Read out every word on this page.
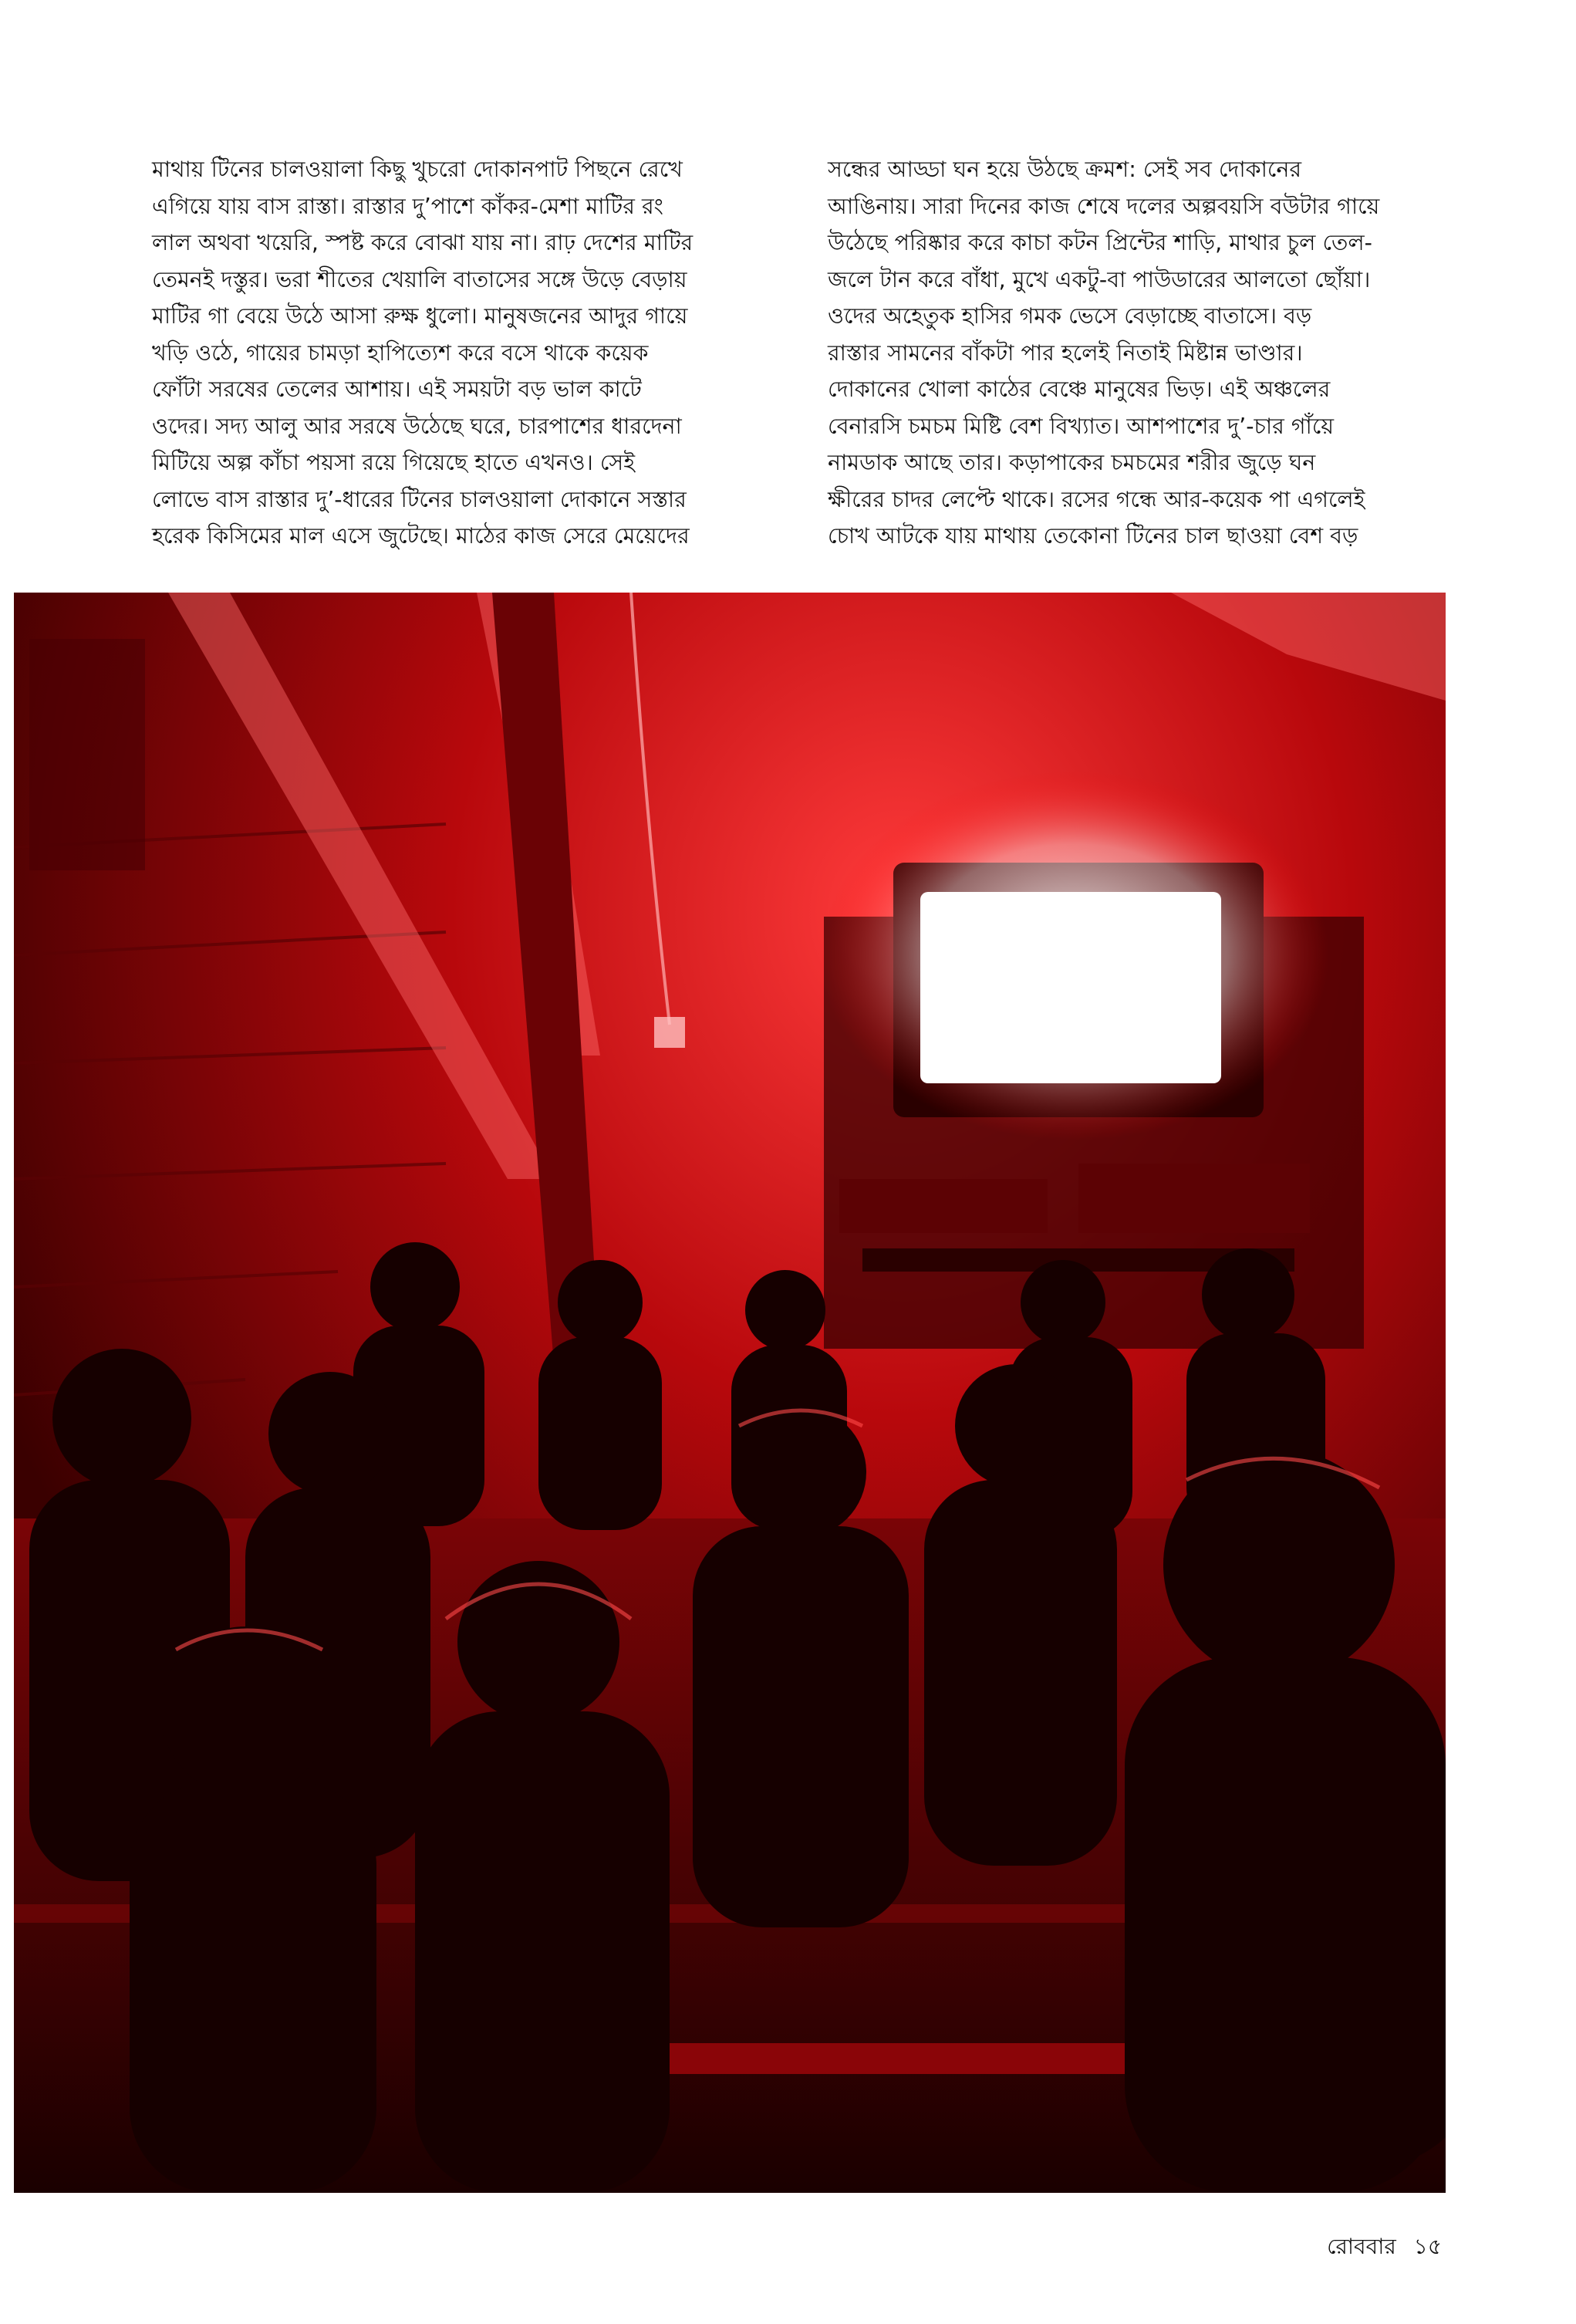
মাথায় টিনের চালওয়ালা কিছু খুচরো দোকানপাট পিছনে রেখে
এগিয়ে যায় বাস রাস্তা। রাস্তার দু’পাশে কাঁকর-মেশা মাটির রং
লাল অথবা খয়েরি, স্পষ্ট করে বোঝা যায় না। রাঢ় দেশের মাটির
তেমনই দস্তুর। ভরা শীতের খেয়ালি বাতাসের সঙ্গে উড়ে বেড়ায়
মাটির গা বেয়ে উঠে আসা রুক্ষ ধুলো। মানুষজনের আদুর গায়ে
খড়ি ওঠে, গায়ের চামড়া হাপিত্যেশ করে বসে থাকে কয়েক
ফোঁটা সরষের তেলের আশায়। এই সময়টা বড় ভাল কাটে
ওদের। সদ্য আলু আর সরষে উঠেছে ঘরে, চারপাশের ধারদেনা
মিটিয়ে অল্প কাঁচা পয়সা রয়ে গিয়েছে হাতে এখনও। সেই
লোভে বাস রাস্তার দু’-ধারের টিনের চালওয়ালা দোকানে সস্তার
হরেক কিসিমের মাল এসে জুটেছে। মাঠের কাজ সেরে মেয়েদের
সন্ধের আড্ডা ঘন হয়ে উঠছে ক্রমশ: সেই সব দোকানের
আঙিনায়। সারা দিনের কাজ শেষে দলের অল্পবয়সি বউটার গায়ে
উঠেছে পরিষ্কার করে কাচা কটন প্রিন্টের শাড়ি, মাথার চুল তেল-
জলে টান করে বাঁধা, মুখে একটু-বা পাউডারের আলতো ছোঁয়া।
ওদের অহেতুক হাসির গমক ভেসে বেড়াচ্ছে বাতাসে। বড়
রাস্তার সামনের বাঁকটা পার হলেই নিতাই মিষ্টান্ন ভাণ্ডার।
দোকানের খোলা কাঠের বেঞ্চে মানুষের ভিড়। এই অঞ্চলের
বেনারসি চমচম মিষ্টি বেশ বিখ্যাত। আশপাশের দু’-চার গাঁয়ে
নামডাক আছে তার। কড়াপাকের চমচমের শরীর জুড়ে ঘন
ক্ষীরের চাদর লেপ্টে থাকে। রসের গন্ধে আর-কয়েক পা এগলেই
চোখ আটকে যায় মাথায় তেকোনা টিনের চাল ছাওয়া বেশ বড়
রোববার ১৫
